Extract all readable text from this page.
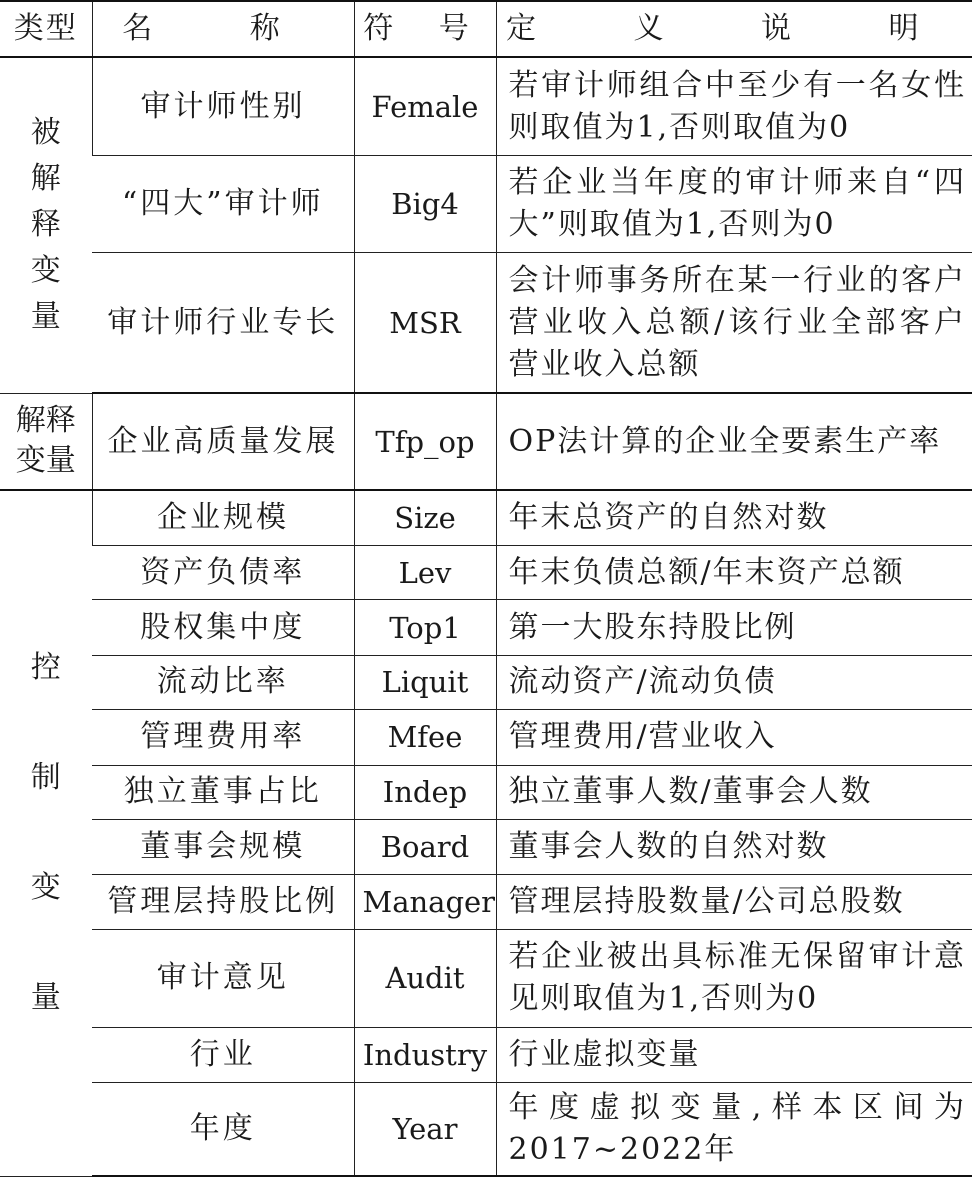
类型	名 称	符 号	定 义 说 明
被解释变量	审计师性别	Female	若审计师组合中至少有一名女性则取值为1,否则取值为0
	“四大”审计师	Big4	若企业当年度的审计师来自“四大”则取值为1,否则为0
	审计师行业专长	MSR	会计师事务所在某一行业的客户营业收入总额/该行业全部客户营业收入总额
解释变量	企业高质量发展	Tfp_op	OP法计算的企业全要素生产率
控制变量	企业规模	Size	年末总资产的自然对数
	资产负债率	Lev	年末负债总额/年末资产总额
	股权集中度	Top1	第一大股东持股比例
	流动比率	Liquit	流动资产/流动负债
	管理费用率	Mfee	管理费用/营业收入
	独立董事占比	Indep	独立董事人数/董事会人数
	董事会规模	Board	董事会人数的自然对数
	管理层持股比例	Manager	管理层持股数量/公司总股数
	审计意见	Audit	若企业被出具标准无保留审计意见则取值为1,否则为0
	行业	Industry	行业虚拟变量
	年度	Year	年度虚拟变量,样本区间为2017~2022年
